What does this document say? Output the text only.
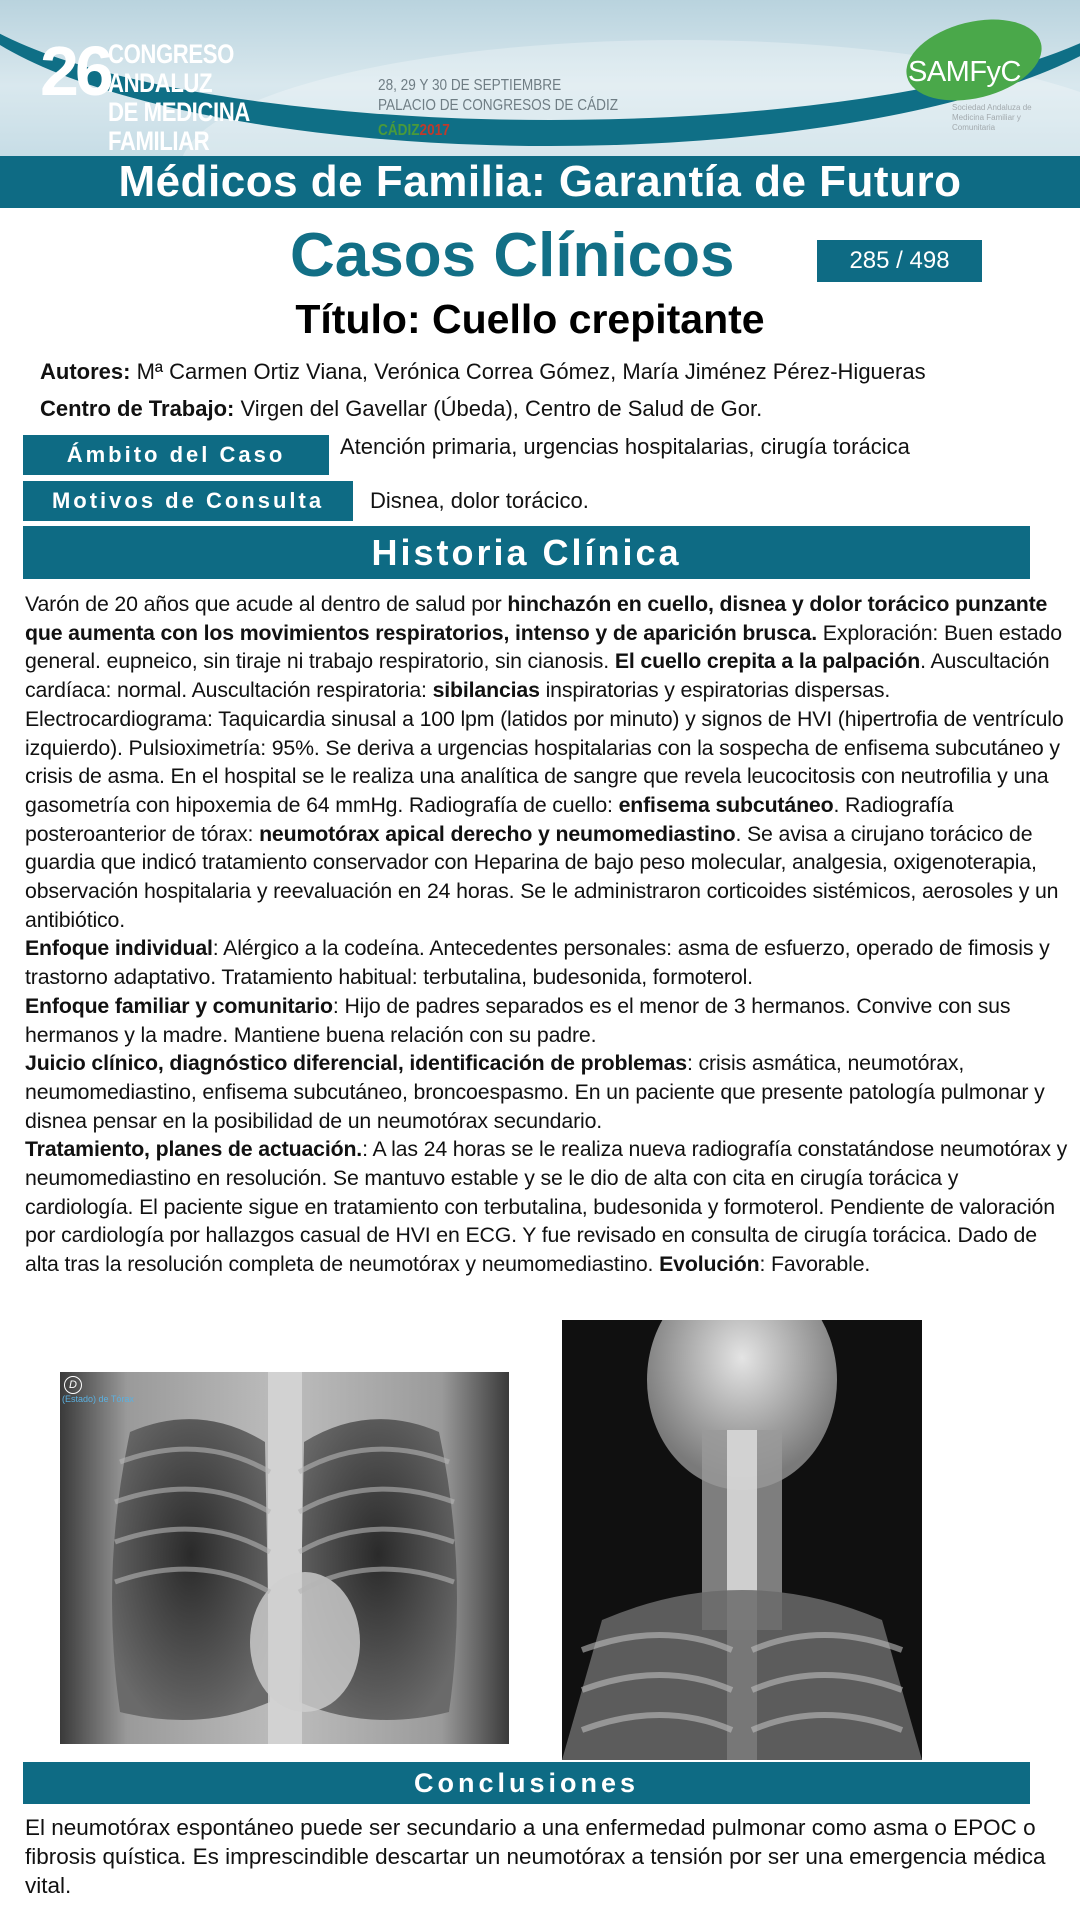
26
CONGRESO ANDALUZ
DE MEDICINA FAMILIAR
28, 29 Y 30 DE SEPTIEMBRE
PALACIO DE CONGRESOS DE CÁDIZ
CÁDIZ2017
SAMFyC
Sociedad Andaluza de Medicina Familiar y Comunitaria
Médicos de Familia: Garantía de Futuro
Casos Clínicos	285 / 498
Título: Cuello crepitante
Autores: Mª Carmen Ortiz Viana, Verónica Correa Gómez, María Jiménez Pérez-Higueras
Centro de Trabajo: Virgen del Gavellar (Úbeda), Centro de Salud de Gor.
Ámbito del Caso	Atención primaria, urgencias hospitalarias, cirugía torácica
Motivos de Consulta	Disnea, dolor torácico.
Historia Clínica

Varón de 20 años que acude al dentro de salud por hinchazón en cuello, disnea y dolor torácico punzante que aumenta con los movimientos respiratorios, intenso y de aparición brusca. Exploración: Buen estado general. eupneico, sin tiraje ni trabajo respiratorio, sin cianosis. El cuello crepita a la palpación. Auscultación cardíaca: normal. Auscultación respiratoria: sibilancias inspiratorias y espiratorias dispersas. Electrocardiograma: Taquicardia sinusal a 100 lpm (latidos por minuto) y signos de HVI (hipertrofia de ventrículo izquierdo). Pulsioximetría: 95%. Se deriva a urgencias hospitalarias con la sospecha de enfisema subcutáneo y crisis de asma. En el hospital se le realiza una analítica de sangre que revela leucocitosis con neutrofilia y una gasometría con hipoxemia de 64 mmHg. Radiografía de cuello: enfisema subcutáneo. Radiografía posteroanterior de tórax: neumotórax apical derecho y neumomediastino. Se avisa a cirujano torácico de guardia que indicó tratamiento conservador con Heparina de bajo peso molecular, analgesia, oxigenoterapia, observación hospitalaria y reevaluación en 24 horas. Se le administraron corticoides sistémicos, aerosoles y un antibiótico.

Enfoque individual: Alérgico a la codeína. Antecedentes personales: asma de esfuerzo, operado de fimosis y trastorno adaptativo. Tratamiento habitual: terbutalina, budesonida, formoterol.

Enfoque familiar y comunitario: Hijo de padres separados es el menor de 3 hermanos. Convive con sus hermanos y la madre. Mantiene buena relación con su padre.

Juicio clínico, diagnóstico diferencial, identificación de problemas: crisis asmática, neumotórax, neumomediastino, enfisema subcutáneo, broncoespasmo. En un paciente que presente patología pulmonar y disnea pensar en la posibilidad de un neumotórax secundario.

Tratamiento, planes de actuación.: A las 24 horas se le realiza nueva radiografía constatándose neumotórax y neumomediastino en resolución. Se mantuvo estable y se le dio de alta con cita en cirugía torácica y cardiología. El paciente sigue en tratamiento con terbutalina, budesonida y formoterol. Pendiente de valoración por cardiología por hallazgos casual de HVI en ECG. Y fue revisado en consulta de cirugía torácica. Dado de alta tras la resolución completa de neumotórax y neumomediastino. Evolución: Favorable.

D
(Estado) de Tórax
Conclusiones

El neumotórax espontáneo puede ser secundario a una enfermedad pulmonar como asma o EPOC o fibrosis quística. Es imprescindible descartar un neumotórax a tensión por ser una emergencia médica vital.
